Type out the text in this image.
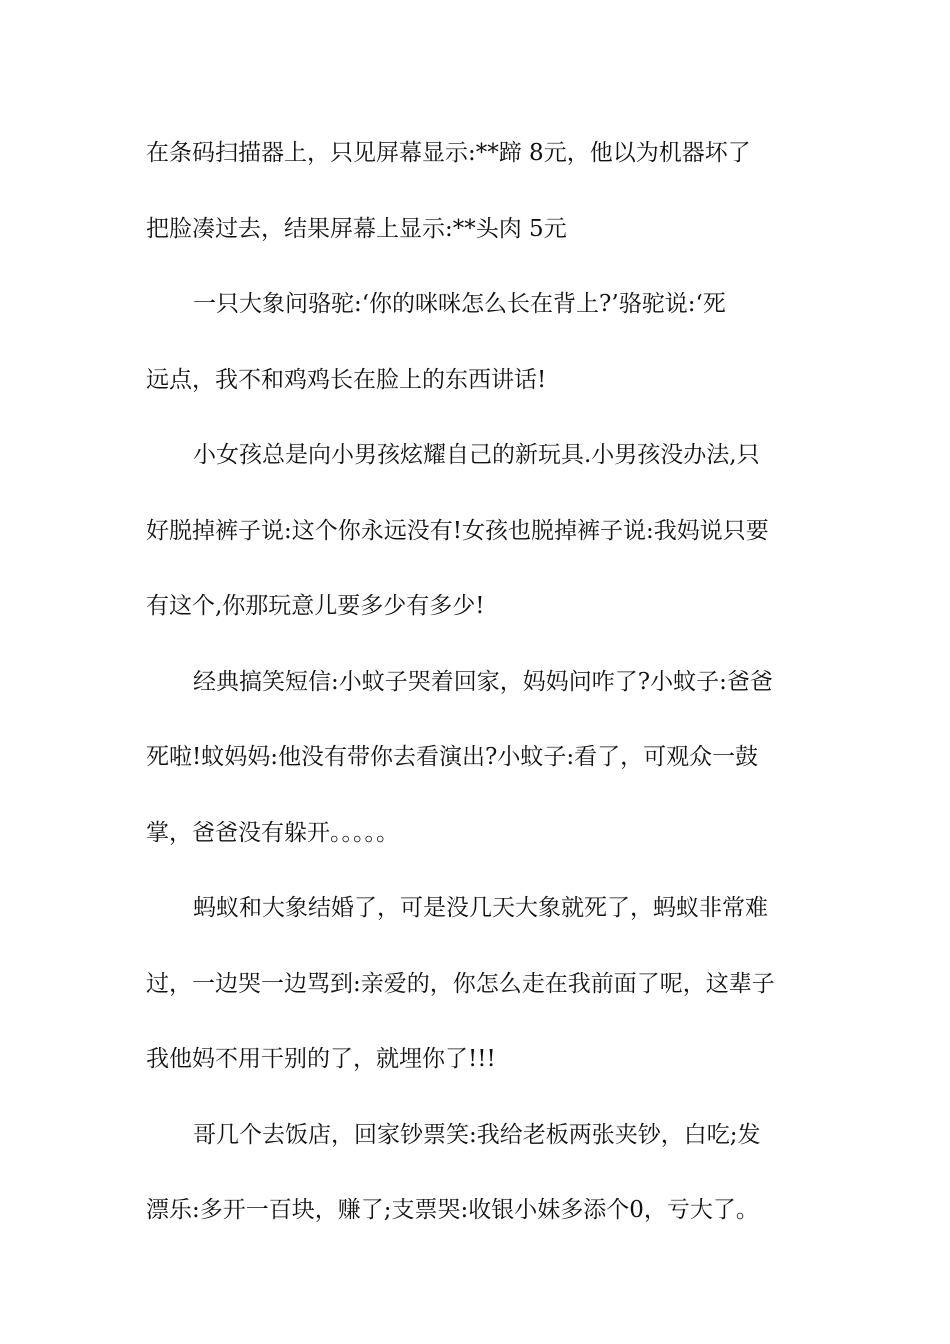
在条码扫描器上，只见屏幕显示:**蹄 8元，他以为机器坏了
把脸凑过去，结果屏幕上显示:**头肉 5元
一只大象问骆驼:‘你的咪咪怎么长在背上?’骆驼说:‘死
远点，我不和鸡鸡长在脸上的东西讲话!
小女孩总是向小男孩炫耀自己的新玩具.小男孩没办法,只
好脱掉裤子说:这个你永远没有!女孩也脱掉裤子说:我妈说只要
有这个,你那玩意儿要多少有多少!
经典搞笑短信:小蚊子哭着回家，妈妈问咋了?小蚊子:爸爸
死啦!蚊妈妈:他没有带你去看演出?小蚊子:看了，可观众一鼓
掌，爸爸没有躲开。。。。。
蚂蚁和大象结婚了，可是没几天大象就死了，蚂蚁非常难
过，一边哭一边骂到:亲爱的，你怎么走在我前面了呢，这辈子
我他妈不用干别的了，就埋你了!!!
哥几个去饭店，回家钞票笑:我给老板两张夹钞，白吃;发
漂乐:多开一百块，赚了;支票哭:收银小妹多添个0，亏大了。
